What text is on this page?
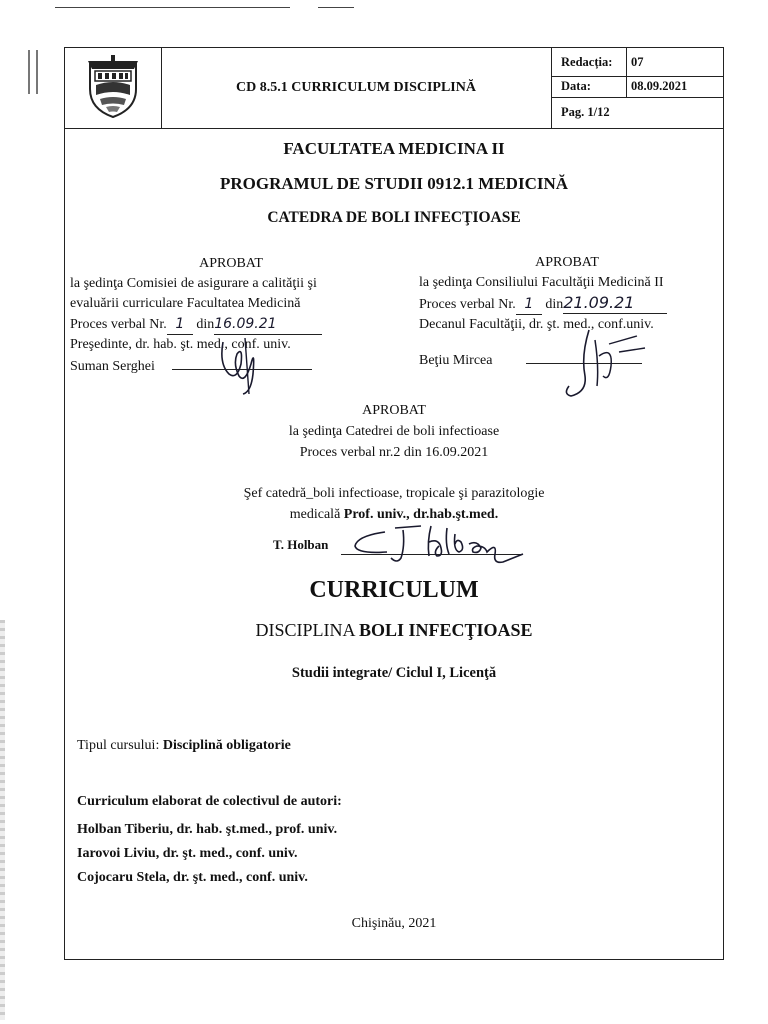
CD 8.5.1 CURRICULUM DISCIPLINĂ
Redacția:	07
Data:	08.09.2021
Pag. 1/12
FACULTATEA MEDICINA II
PROGRAMUL DE STUDII 0912.1 MEDICINĂ
CATEDRA DE BOLI INFECŢIOASE
APROBAT
la şedinţa Comisiei de asigurare a calităţii şi
evaluării curriculare Facultatea Medicină
Proces verbal Nr. 1 din16.09.21
Preşedinte, dr. hab. şt. med., conf. univ.
Suman Serghei
APROBAT
la şedinţa Consiliului Facultăţii Medicină II
Proces verbal Nr. 1 din21.09.21
Decanul Facultăţii, dr. şt. med., conf.univ.
Beţiu Mircea
APROBAT
la şedinţa Catedrei de boli infectioase
Proces verbal nr.2 din 16.09.2021
Şef catedră_boli infectioase, tropicale şi parazitologie
medicală Prof. univ., dr.hab.şt.med.
T. Holban
CURRICULUM
DISCIPLINA BOLI INFECŢIOASE
Studii integrate/ Ciclul I, Licenţă
Tipul cursului: Disciplină obligatorie
Curriculum elaborat de colectivul de autori:
Holban Tiberiu, dr. hab. şt.med., prof. univ.
Iarovoi Liviu, dr. şt. med., conf. univ.
Cojocaru Stela, dr. şt. med., conf. univ.
Chişinău, 2021
